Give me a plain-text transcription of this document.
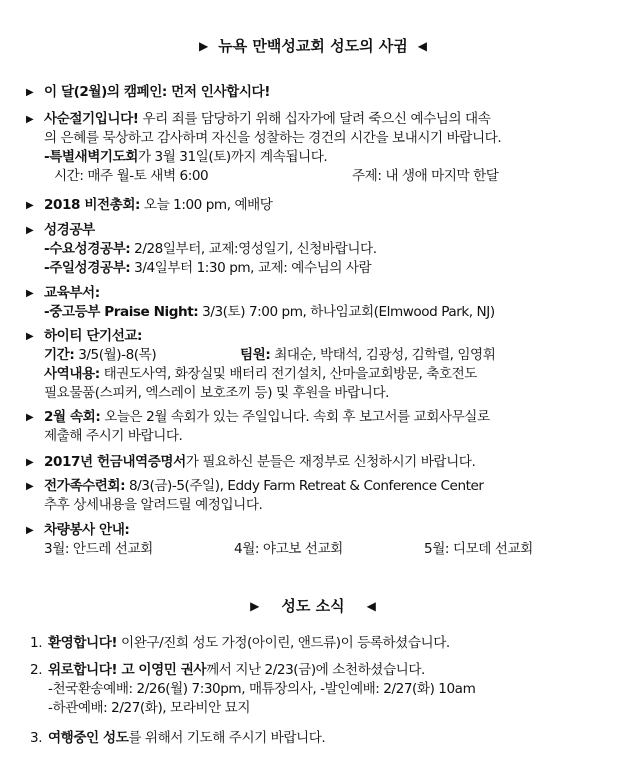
▶ 뉴욕 만백성교회 성도의 사귐 ◀
▶ 이 달(2월)의 캠페인: 먼저 인사합시다!
▶ 사순절기입니다! 우리 죄를 담당하기 위해 십자가에 달려 죽으신 예수님의 대속
의 은혜를 묵상하고 감사하며 자신을 성찰하는 경건의 시간을 보내시기 바랍니다.
-특별새벽기도회가 3월 31일(토)까지 계속됩니다.
시간: 매주 월-토 새벽 6:00	주제: 내 생애 마지막 한달
▶ 2018 비전총회: 오늘 1:00 pm, 예배당
▶ 성경공부
-수요성경공부: 2/28일부터, 교제:영성일기, 신청바랍니다.
-주일성경공부: 3/4일부터 1:30 pm, 교제: 예수님의 사람
▶ 교육부서:
-중고등부 Praise Night: 3/3(토) 7:00 pm, 하나임교회(Elmwood Park, NJ)
▶ 하이티 단기선교:
기간: 3/5(월)-8(목)	팀원: 최대순, 박태석, 김광성, 김학렬, 임영휘
사역내용: 태권도사역, 화장실및 배터리 전기설치, 산마을교회방문, 축호전도
필요물품(스피커, 엑스레이 보호조끼 등) 및 후원을 바랍니다.
▶ 2월 속회: 오늘은 2월 속회가 있는 주일입니다. 속회 후 보고서를 교회사무실로
제출해 주시기 바랍니다.
▶ 2017년 헌금내역증명서가 필요하신 분들은 재정부로 신청하시기 바랍니다.
▶ 전가족수련회: 8/3(금)-5(주일), Eddy Farm Retreat & Conference Center
추후 상세내용을 알려드릴 예정입니다.
▶ 차량봉사 안내:
3월: 안드레 선교회	4월: 야고보 선교회	5월: 디모데 선교회
▶ 성도 소식 ◀
1. 환영합니다! 이완구/진희 성도 가정(아이린, 앤드류)이 등록하셨습니다.
2. 위로합니다! 고 이영민 권사께서 지난 2/23(금)에 소천하셨습니다.
-천국환송예배: 2/26(월) 7:30pm, 매튜장의사, -발인예배: 2/27(화) 10am
-하관예배: 2/27(화), 모라비안 묘지
3. 여행중인 성도를 위해서 기도해 주시기 바랍니다.
